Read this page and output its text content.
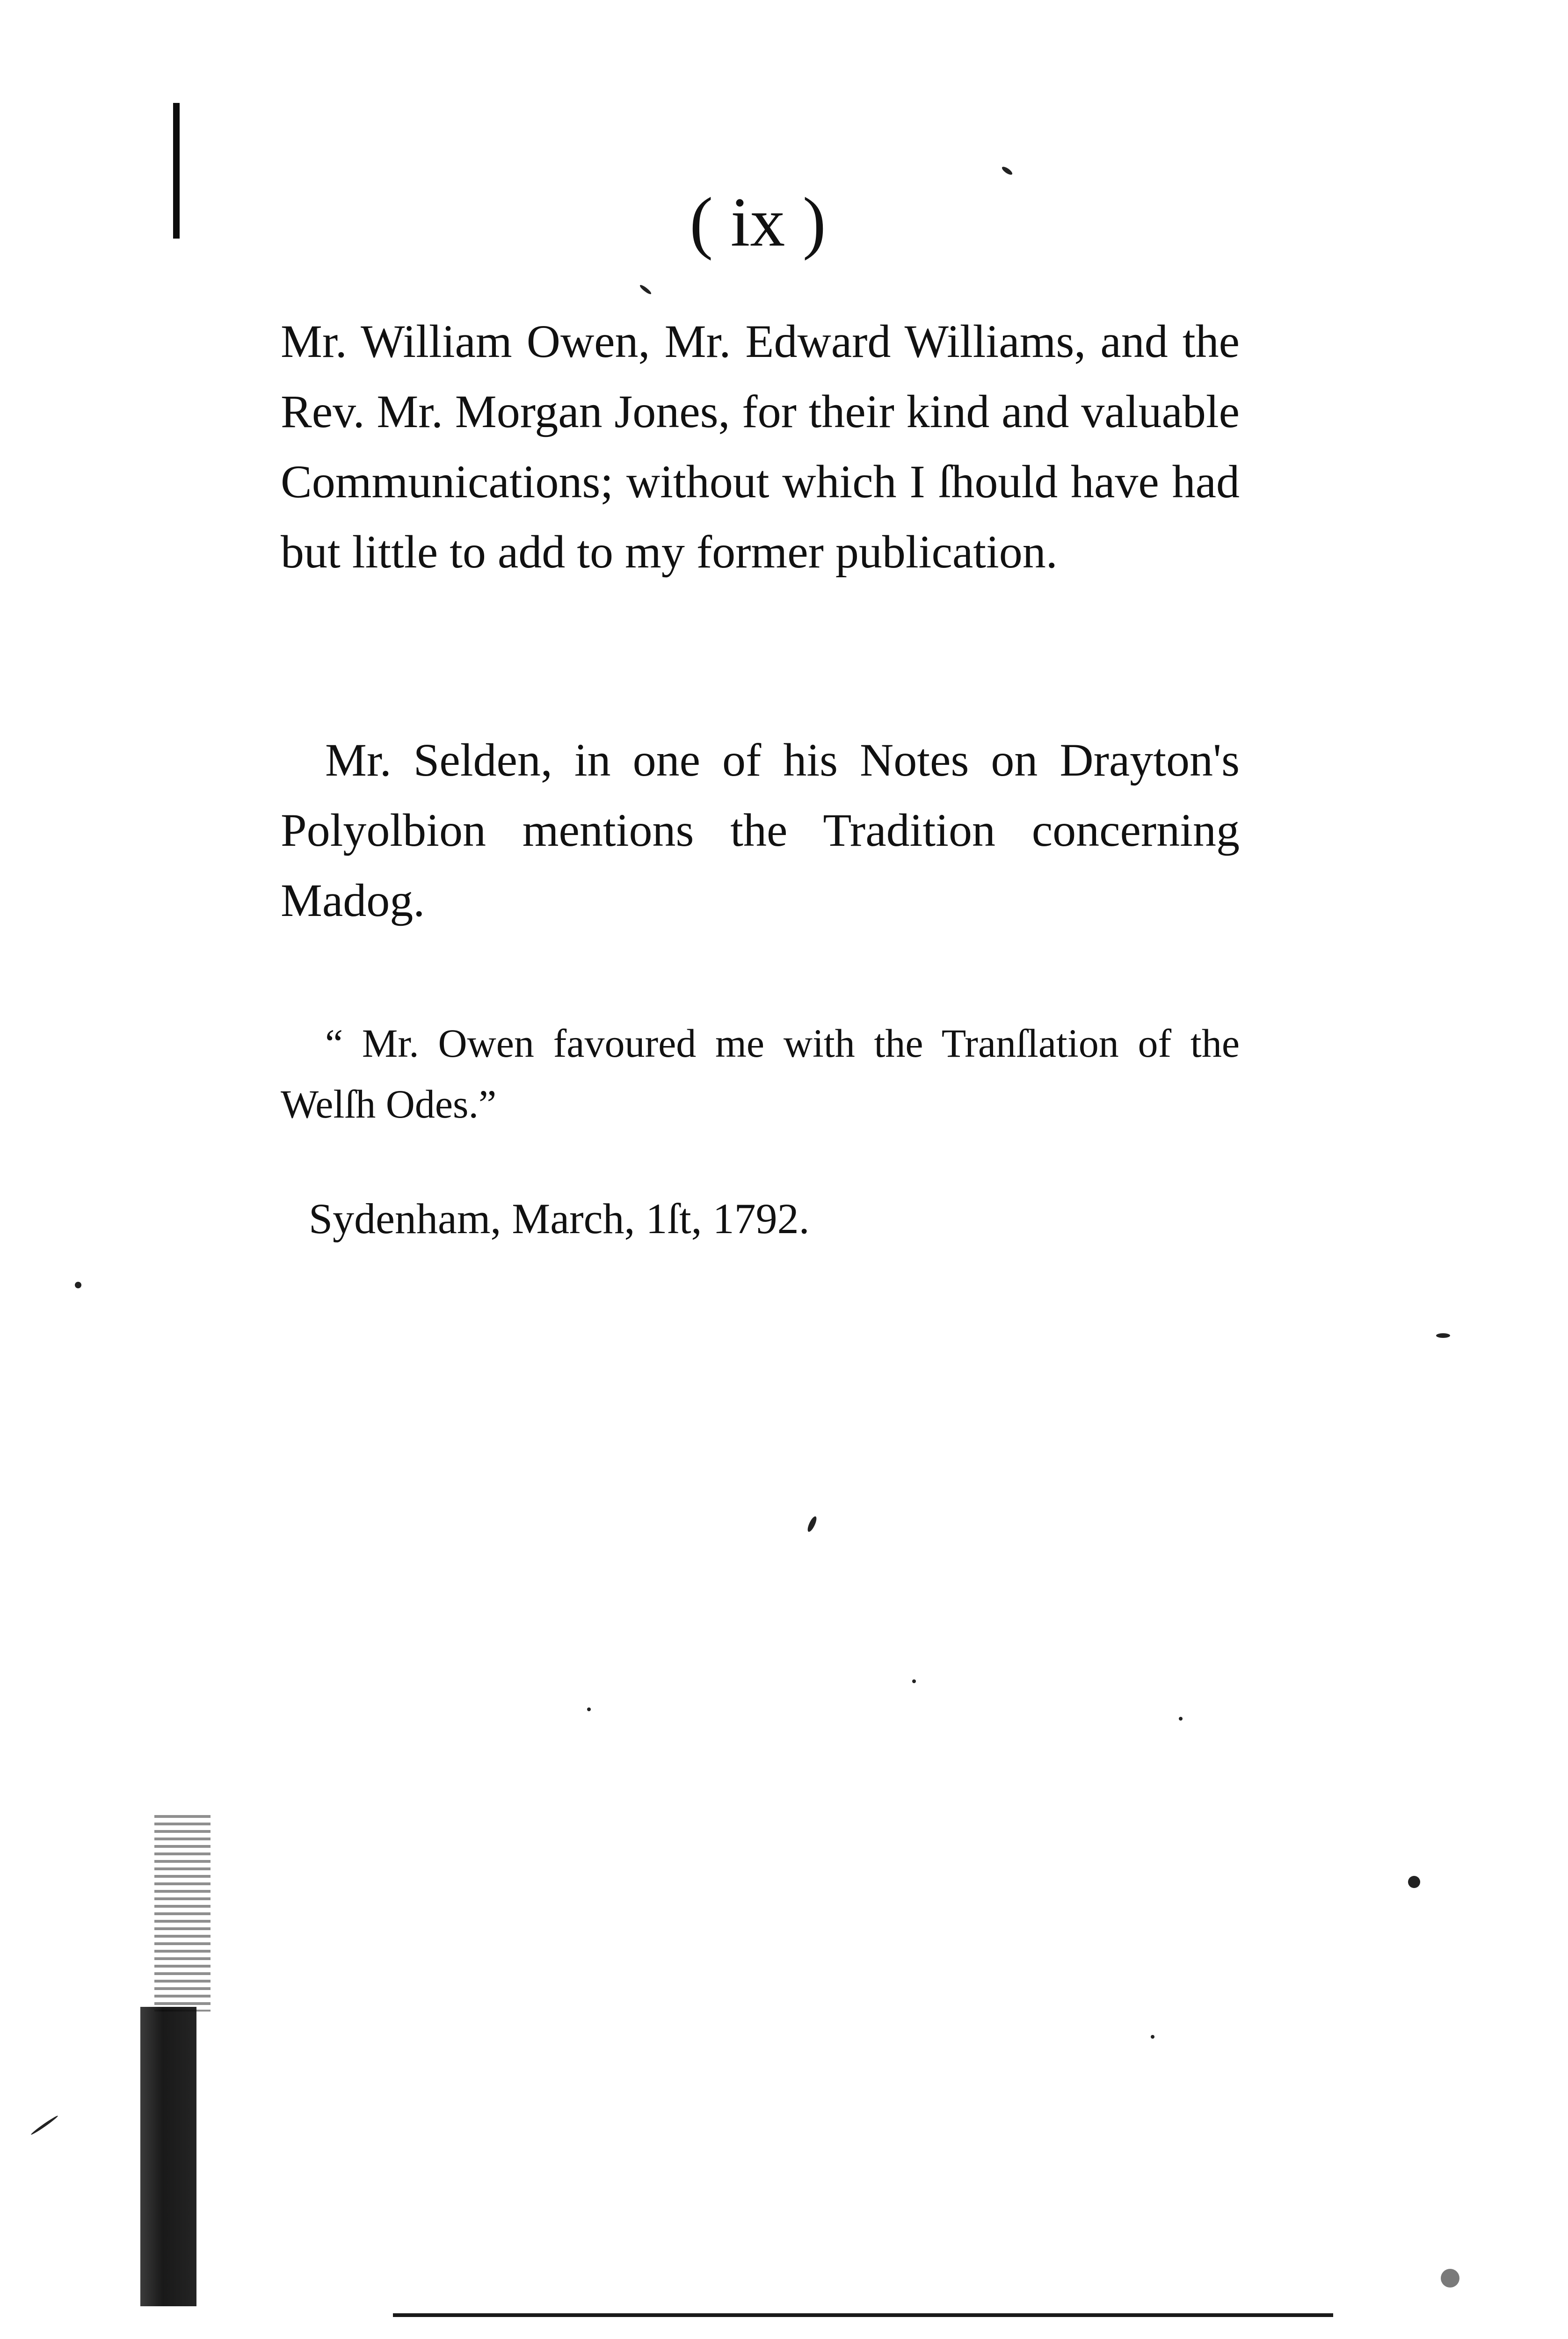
( ix )

Mr. William Owen, Mr. Edward Williams, and the Rev. Mr. Morgan Jones, for their kind and valuable Communications; without which I ſhould have had but little to add to my former publication.

Mr. Selden, in one of his Notes on Drayton's Polyolbion mentions the Tradition concerning Madog.

“ Mr. Owen favoured me with the Tranſlation of the Welſh Odes.”

Sydenham, March, 1ſt, 1792.
